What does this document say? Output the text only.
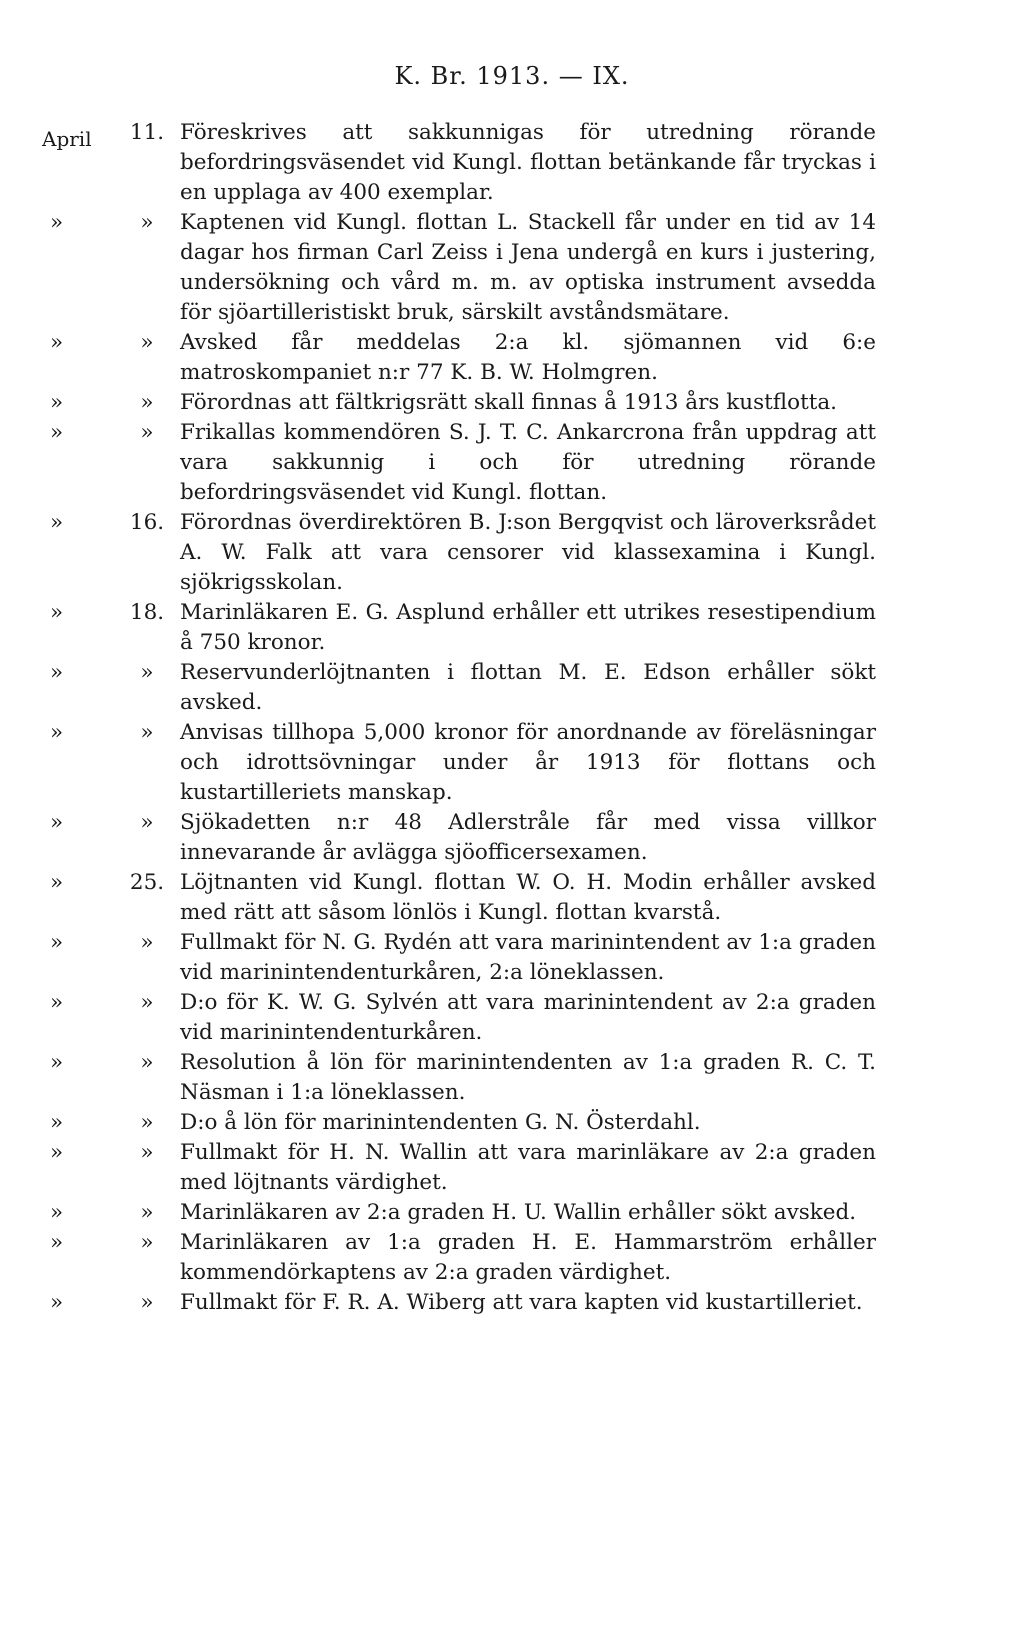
K. Br. 1913. — IX.
April	11. Föreskrives att sakkunnigas för utredning rörande befordringsväsendet vid Kungl. flottan betänkande får tryckas i en upplaga av 400 exemplar.
»	»	Kaptenen vid Kungl. flottan L. Stackell får under en tid av 14 dagar hos firman Carl Zeiss i Jena undergå en kurs i justering, undersökning och vård m. m. av optiska instrument avsedda för sjöartilleristiskt bruk, särskilt avståndsmätare.
»	»	Avsked får meddelas 2:a kl. sjömannen vid 6:e matroskompaniet n:r 77 K. B. W. Holmgren.
»	»	Förordnas att fältkrigsrätt skall finnas å 1913 års kustflotta.
»	»	Frikallas kommendören S. J. T. C. Ankarcrona från uppdrag att vara sakkunnig i och för utredning rörande befordringsväsendet vid Kungl. flottan.
»	16. Förordnas överdirektören B. J:son Bergqvist och läroverksrådet A. W. Falk att vara censorer vid klassexamina i Kungl. sjökrigsskolan.
»	18. Marinläkaren E. G. Asplund erhåller ett utrikes resestipendium å 750 kronor.
»	»	Reservunderlöjtnanten i flottan M. E. Edson erhåller sökt avsked.
»	»	Anvisas tillhopa 5,000 kronor för anordnande av föreläsningar och idrottsövningar under år 1913 för flottans och kustartilleriets manskap.
»	»	Sjökadetten n:r 48 Adlerstråle får med vissa villkor innevarande år avlägga sjöofficersexamen.
»	25. Löjtnanten vid Kungl. flottan W. O. H. Modin erhåller avsked med rätt att såsom lönlös i Kungl. flottan kvarstå.
»	»	Fullmakt för N. G. Rydén att vara marinintendent av 1:a graden vid marinintendenturkåren, 2:a löneklassen.
»	»	D:o för K. W. G. Sylvén att vara marinintendent av 2:a graden vid marinintendenturkåren.
»	»	Resolution å lön för marinintendenten av 1:a graden R. C. T. Näsman i 1:a löneklassen.
»	»	D:o å lön för marinintendenten G. N. Österdahl.
»	»	Fullmakt för H. N. Wallin att vara marinläkare av 2:a graden med löjtnants värdighet.
»	»	Marinläkaren av 2:a graden H. U. Wallin erhåller sökt avsked.
»	»	Marinläkaren av 1:a graden H. E. Hammarström erhåller kommendörkaptens av 2:a graden värdighet.
»	»	Fullmakt för F. R. A. Wiberg att vara kapten vid kustartilleriet.
